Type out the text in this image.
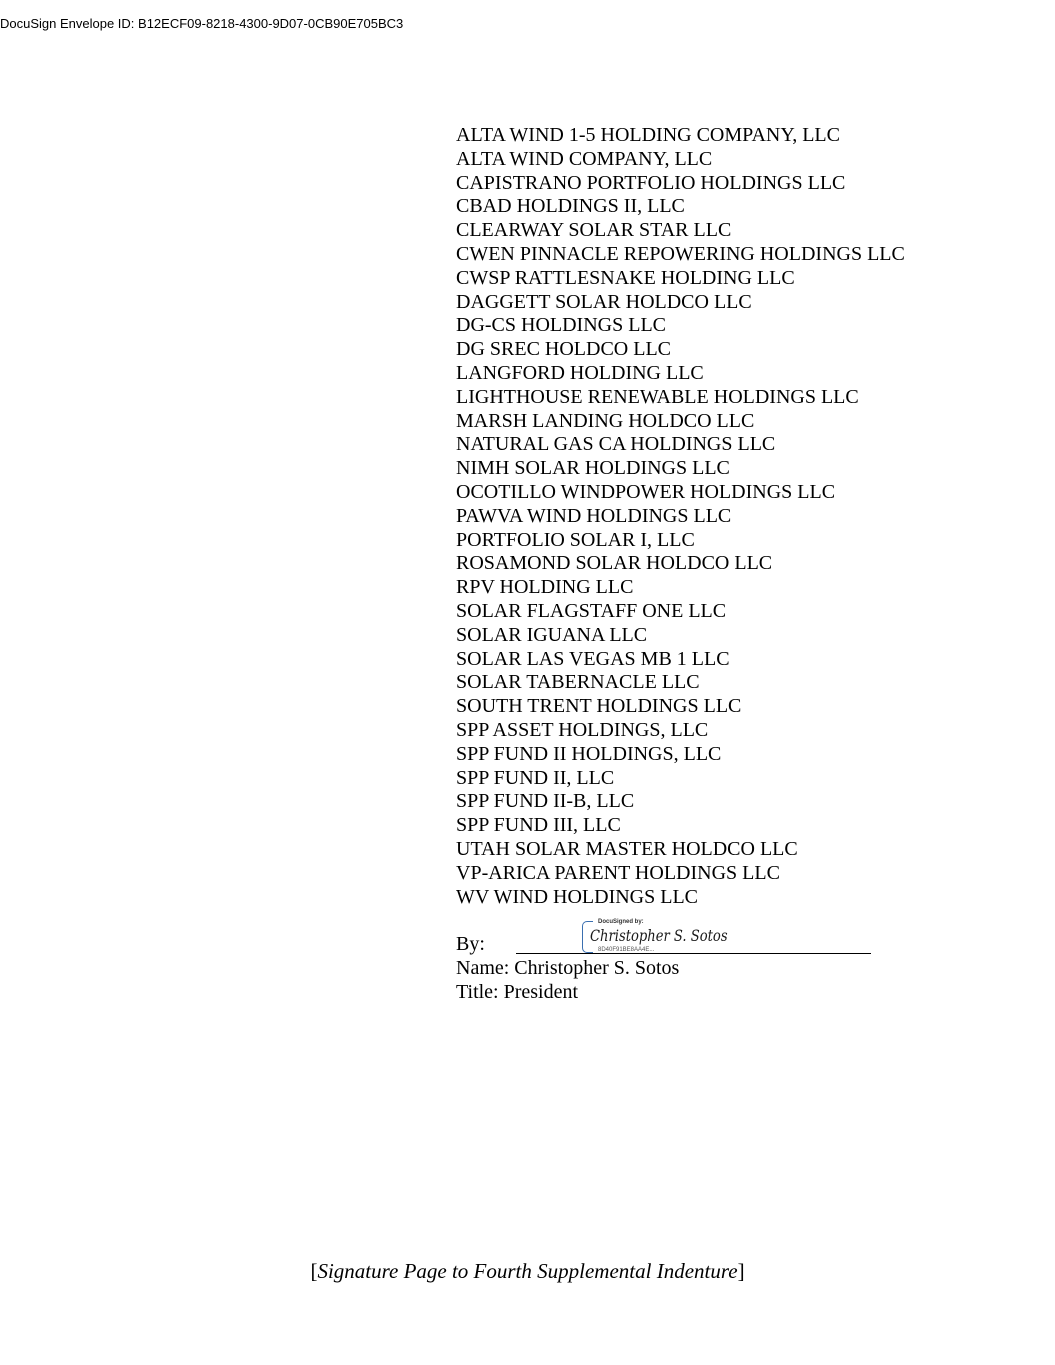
DocuSign Envelope ID: B12ECF09-8218-4300-9D07-0CB90E705BC3
ALTA WIND 1-5 HOLDING COMPANY, LLC
ALTA WIND COMPANY, LLC
CAPISTRANO PORTFOLIO HOLDINGS LLC
CBAD HOLDINGS II, LLC
CLEARWAY SOLAR STAR LLC
CWEN PINNACLE REPOWERING HOLDINGS LLC
CWSP RATTLESNAKE HOLDING LLC
DAGGETT SOLAR HOLDCO LLC
DG-CS HOLDINGS LLC
DG SREC HOLDCO LLC
LANGFORD HOLDING LLC
LIGHTHOUSE RENEWABLE HOLDINGS LLC
MARSH LANDING HOLDCO LLC
NATURAL GAS CA HOLDINGS LLC
NIMH SOLAR HOLDINGS LLC
OCOTILLO WINDPOWER HOLDINGS LLC
PAWVA WIND HOLDINGS LLC
PORTFOLIO SOLAR I, LLC
ROSAMOND SOLAR HOLDCO LLC
RPV HOLDING LLC
SOLAR FLAGSTAFF ONE LLC
SOLAR IGUANA LLC
SOLAR LAS VEGAS MB 1 LLC
SOLAR TABERNACLE LLC
SOUTH TRENT HOLDINGS LLC
SPP ASSET HOLDINGS, LLC
SPP FUND II HOLDINGS, LLC
SPP FUND II, LLC
SPP FUND II-B, LLC
SPP FUND III, LLC
UTAH SOLAR MASTER HOLDCO LLC
VP-ARICA PARENT HOLDINGS LLC
WV WIND HOLDINGS LLC
By:
DocuSigned by:
Christopher S. Sotos
8D40F91BE8AA4E...
Name: Christopher S. Sotos
Title: President
[Signature Page to Fourth Supplemental Indenture]
